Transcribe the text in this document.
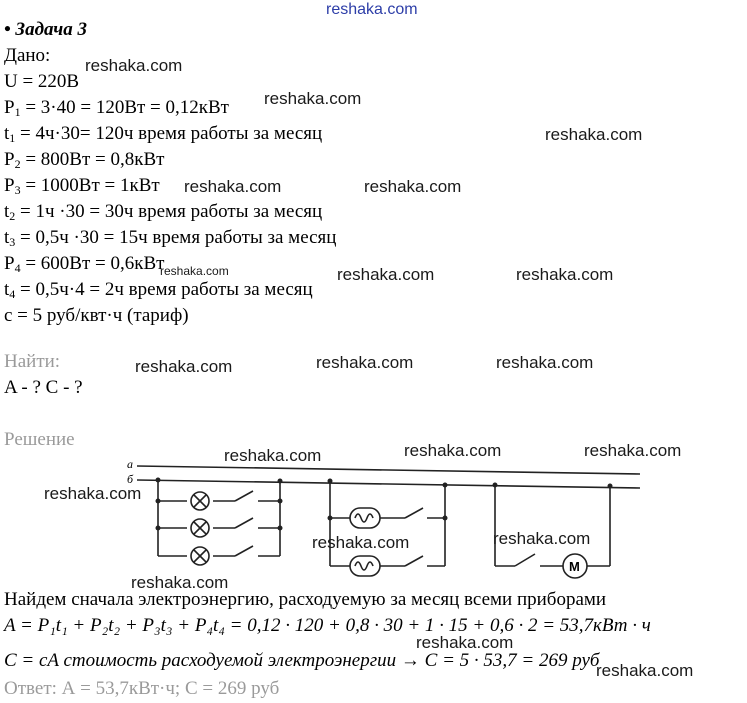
reshaka.com
• Задача 3
Дано:
U = 220В
$P_1 = 3\cdot 40 = 120Вт = 0,12кВт$
$t_1 = 4ч\cdot 30= 120ч$ время работы за месяц
$P_2 = 800Вт = 0,8кВт$
$P_3 = 1000Вт = 1кВт$
$t_2 = 1ч \cdot 30 = 30ч$ время работы за месяц
$t_3 = 0,5ч \cdot 30 = 15ч$ время работы за месяц
$P_4 = 600Вт = 0,6кВт$
$t_4 = 0,5ч\cdot 4 = 2ч$ время работы за месяц
c = 5 руб/квт·ч (тариф)
Найти:
A - ? C - ?
Решение
а
б
М
Найдем сначала электроэнергию, расходуемую за месяц всеми приборами
A = P₁t₁ + P₂t₂ + P₃t₃ + P₄t₄ = 0,12 · 120 + 0,8 · 30 + 1 · 15 + 0,6 · 2 = 53,7кВт · ч
C = cA стоимость расходуемой электроэнергии → C = 5 · 53,7 = 269 руб
Ответ: А = 53,7кВт·ч; С = 269 руб
reshaka.com
reshaka.com
reshaka.com
reshaka.com	reshaka.com
reshaka.com	reshaka.com	reshaka.com
reshaka.com	reshaka.com	reshaka.com
reshaka.com	reshaka.com	reshaka.com
reshaka.com
reshaka.com	reshaka.com
reshaka.com
reshaka.com
reshaka.com
